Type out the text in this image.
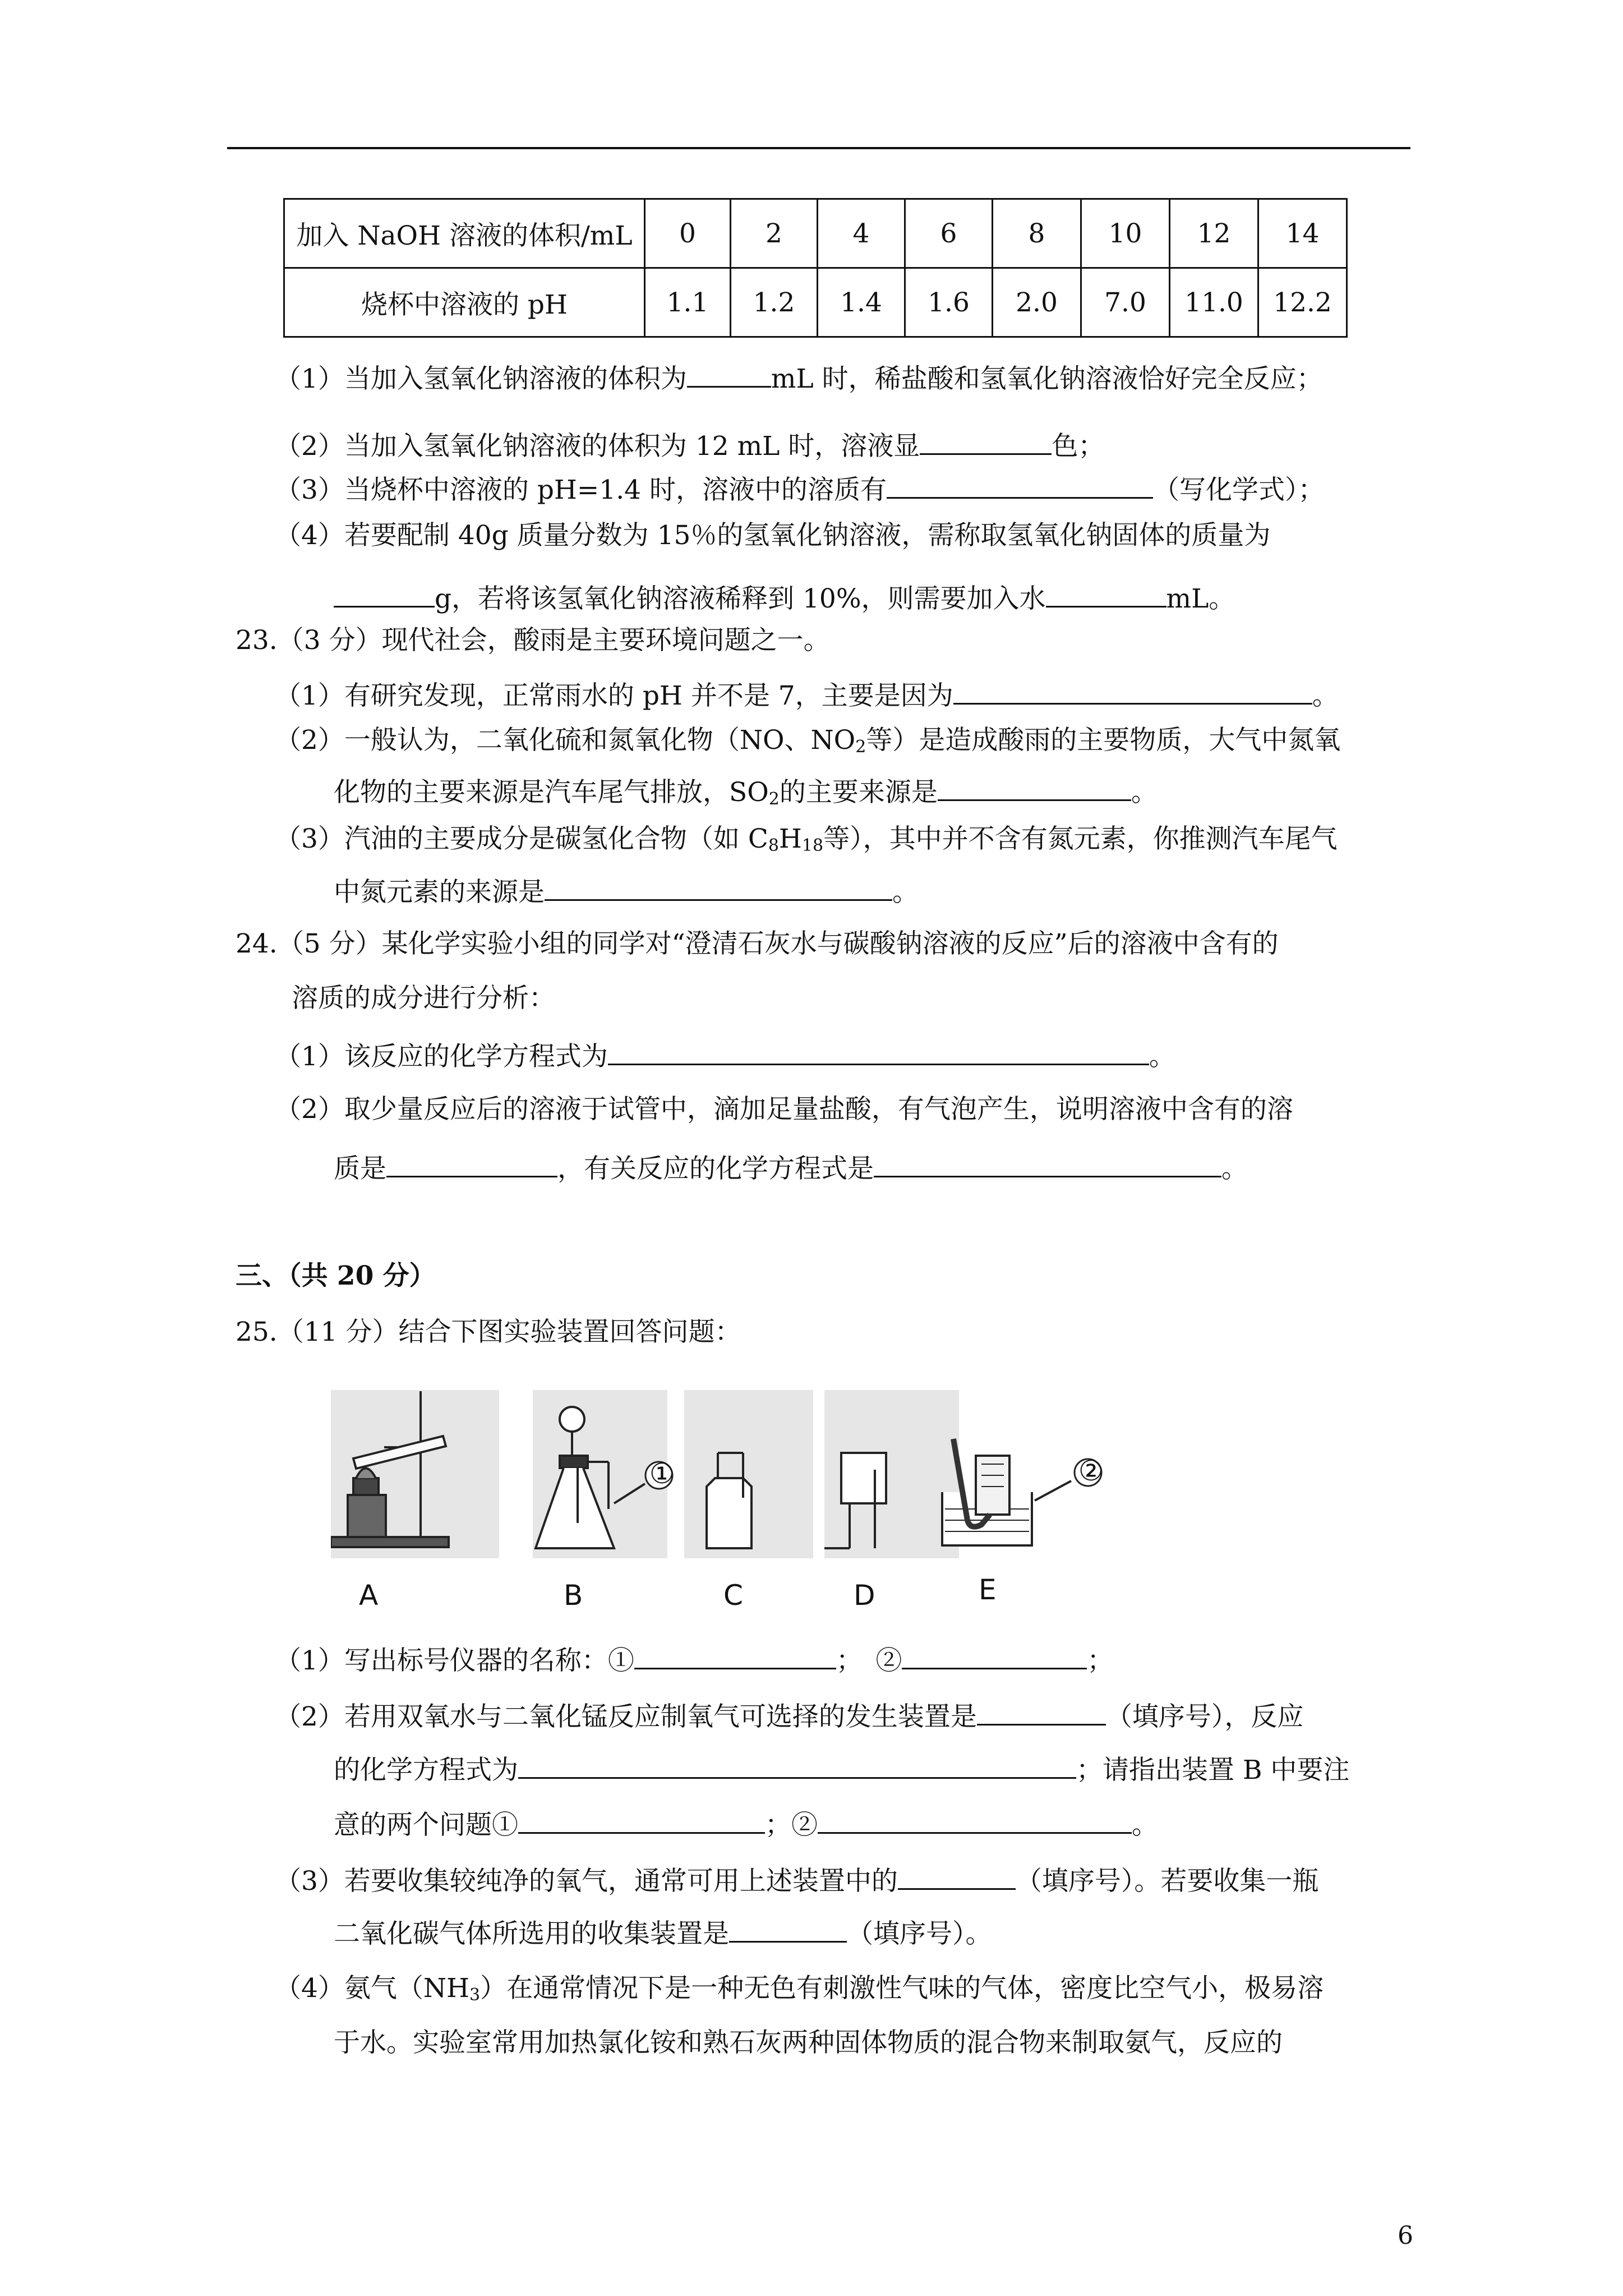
加入 NaOH 溶液的体积/mL	0	2	4	6	8	10	12	14
烧杯中溶液的 pH	1.1	1.2	1.4	1.6	2.0	7.0	11.0	12.2
（1）当加入氢氧化钠溶液的体积为	mL 时，稀盐酸和氢氧化钠溶液恰好完全反应；
（2）当加入氢氧化钠溶液的体积为 12 mL 时，溶液显	色；
（3）当烧杯中溶液的 pH=1.4 时，溶液中的溶质有	（写化学式）；
（4）若要配制 40g 质量分数为 15％的氢氧化钠溶液，需称取氢氧化钠固体的质量为
g，若将该氢氧化钠溶液稀释到 10%，则需要加入水	mL。
23.（3 分）现代社会，酸雨是主要环境问题之一。
（1）有研究发现，正常雨水的 pH 并不是 7，主要是因为	。
（2）一般认为，二氧化硫和氮氧化物（NO、$NO_2$等）是造成酸雨的主要物质，大气中氮氧
化物的主要来源是汽车尾气排放，$SO_2$的主要来源是	。
（3）汽油的主要成分是碳氢化合物（如 $C_8H_{18}$等），其中并不含有氮元素，你推测汽车尾气
中氮元素的来源是	。
24.（5 分）某化学实验小组的同学对“澄清石灰水与碳酸钠溶液的反应”后的溶液中含有的
溶质的成分进行分析：
（1）该反应的化学方程式为	。
（2）取少量反应后的溶液于试管中，滴加足量盐酸，有气泡产生，说明溶液中含有的溶
质是	，有关反应的化学方程式是	。
三、（共 20 分）
25.（11 分）结合下图实验装置回答问题：
①	②
A	B	C	D	E
（1）写出标号仪器的名称：①	；　②	；
（2）若用双氧水与二氧化锰反应制氧气可选择的发生装置是	（填序号），反应
的化学方程式为	；请指出装置 B 中要注
意的两个问题①	；②	。
（3）若要收集较纯净的氧气，通常可用上述装置中的	（填序号）。若要收集一瓶
二氧化碳气体所选用的收集装置是	（填序号）。
（4）氨气$(NH_3)$在通常情况下是一种无色有刺激性气味的气体，密度比空气小，极易溶
于水。实验室常用加热氯化铵和熟石灰两种固体物质的混合物来制取氨气，反应的
6
